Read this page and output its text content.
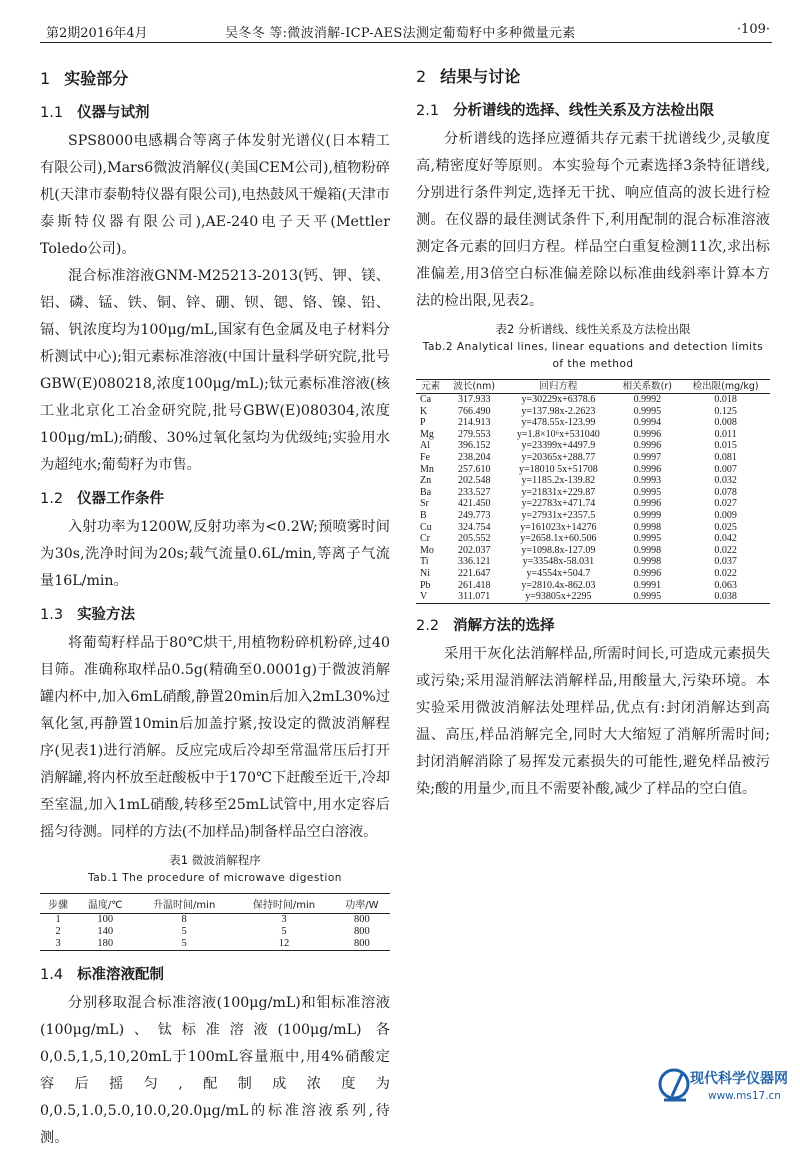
第2期2016年4月	吴冬冬 等:微波消解-ICP-AES法测定葡萄籽中多种微量元素	·109·
1 实验部分
1.1 仪器与试剂

SPS8000电感耦合等离子体发射光谱仪(日本精工有限公司),Mars6微波消解仪(美国CEM公司),植物粉碎机(天津市泰勒特仪器有限公司),电热鼓风干燥箱(天津市泰斯特仪器有限公司),AE-240电子天平(Mettler Toledo公司)。

混合标准溶液GNM-M25213-2013(钙、钾、镁、铝、磷、锰、铁、铜、锌、硼、钡、锶、铬、镍、铅、镉、钒浓度均为100μg/mL,国家有色金属及电子材料分析测试中心);钼元素标准溶液(中国计量科学研究院,批号GBW(E)080218,浓度100μg/mL);钛元素标准溶液(核工业北京化工冶金研究院,批号GBW(E)080304,浓度100μg/mL);硝酸、30%过氧化氢均为优级纯;实验用水为超纯水;葡萄籽为市售。

1.2 仪器工作条件

入射功率为1200W,反射功率为<0.2W;预喷雾时间为30s,洗净时间为20s;载气流量0.6L/min,等离子气流量16L/min。

1.3 实验方法

将葡萄籽样品于80℃烘干,用植物粉碎机粉碎,过40目筛。准确称取样品0.5g(精确至0.0001g)于微波消解罐内杯中,加入6mL硝酸,静置20min后加入2mL30%过氧化氢,再静置10min后加盖拧紧,按设定的微波消解程序(见表1)进行消解。反应完成后冷却至常温常压后打开消解罐,将内杯放至赶酸板中于170℃下赶酸至近干,冷却至室温,加入1mL硝酸,转移至25mL试管中,用水定容后摇匀待测。同样的方法(不加样品)制备样品空白溶液。

表1 微波消解程序
Tab.1 The procedure of microwave digestion
步骤	温度/℃	升温时间/min	保持时间/min	功率/W
1	100	8	3	800
2	140	5	5	800
3	180	5	12	800
1.4 标准溶液配制

分别移取混合标准溶液(100μg/mL)和钼标准溶液(100μg/mL)、钛标准溶液(100μg/mL) 各0,0.5,1,5,10,20mL于100mL容量瓶中,用4%硝酸定容后摇匀,配制成浓度为0,0.5,1.0,5.0,10.0,20.0μg/mL的标准溶液系列,待测。

2 结果与讨论
2.1 分析谱线的选择、线性关系及方法检出限

分析谱线的选择应遵循共存元素干扰谱线少,灵敏度高,精密度好等原则。本实验每个元素选择3条特征谱线,分别进行条件判定,选择无干扰、响应值高的波长进行检测。在仪器的最佳测试条件下,利用配制的混合标准溶液测定各元素的回归方程。样品空白重复检测11次,求出标准偏差,用3倍空白标准偏差除以标准曲线斜率计算本方法的检出限,见表2。

表2 分析谱线、线性关系及方法检出限
Tab.2 Analytical lines, linear equations and detection limits of the method
元素	波长(nm)	回归方程	相关系数(r)	检出限(mg/kg)
Ca	317.933	y=30229x+6378.6	0.9992	0.018
K	766.490	y=137.98x-2.2623	0.9995	0.125
P	214.913	y=478.55x-123.99	0.9994	0.008
Mg	279.553	y=1.8×10⁶x+531040	0.9996	0.011
Al	396.152	y=23399x+4497.9	0.9996	0.015
Fe	238.204	y=20365x+288.77	0.9997	0.081
Mn	257.610	y=18010 5x+51708	0.9996	0.007
Zn	202.548	y=1185.2x-139.82	0.9993	0.032
Ba	233.527	y=21831x+229.87	0.9995	0.078
Sr	421.450	y=22783x+471.74	0.9996	0.027
B	249.773	y=27931x+2357.5	0.9999	0.009
Cu	324.754	y=161023x+14276	0.9998	0.025
Cr	205.552	y=2658.1x+60.506	0.9995	0.042
Mo	202.037	y=1098.8x-127.09	0.9998	0.022
Ti	336.121	y=33548x-58.031	0.9998	0.037
Ni	221.647	y=4554x+504.7	0.9996	0.022
Pb	261.418	y=2810.4x-862.03	0.9991	0.063
V	311.071	y=93805x+2295	0.9995	0.038
2.2 消解方法的选择

采用干灰化法消解样品,所需时间长,可造成元素损失或污染;采用湿消解法消解样品,用酸量大,污染环境。本实验采用微波消解法处理样品,优点有:封闭消解达到高温、高压,样品消解完全,同时大大缩短了消解所需时间;封闭消解消除了易挥发元素损失的可能性,避免样品被污染;酸的用量少,而且不需要补酸,减少了样品的空白值。

现代科学仪器网
www.ms17.cn
